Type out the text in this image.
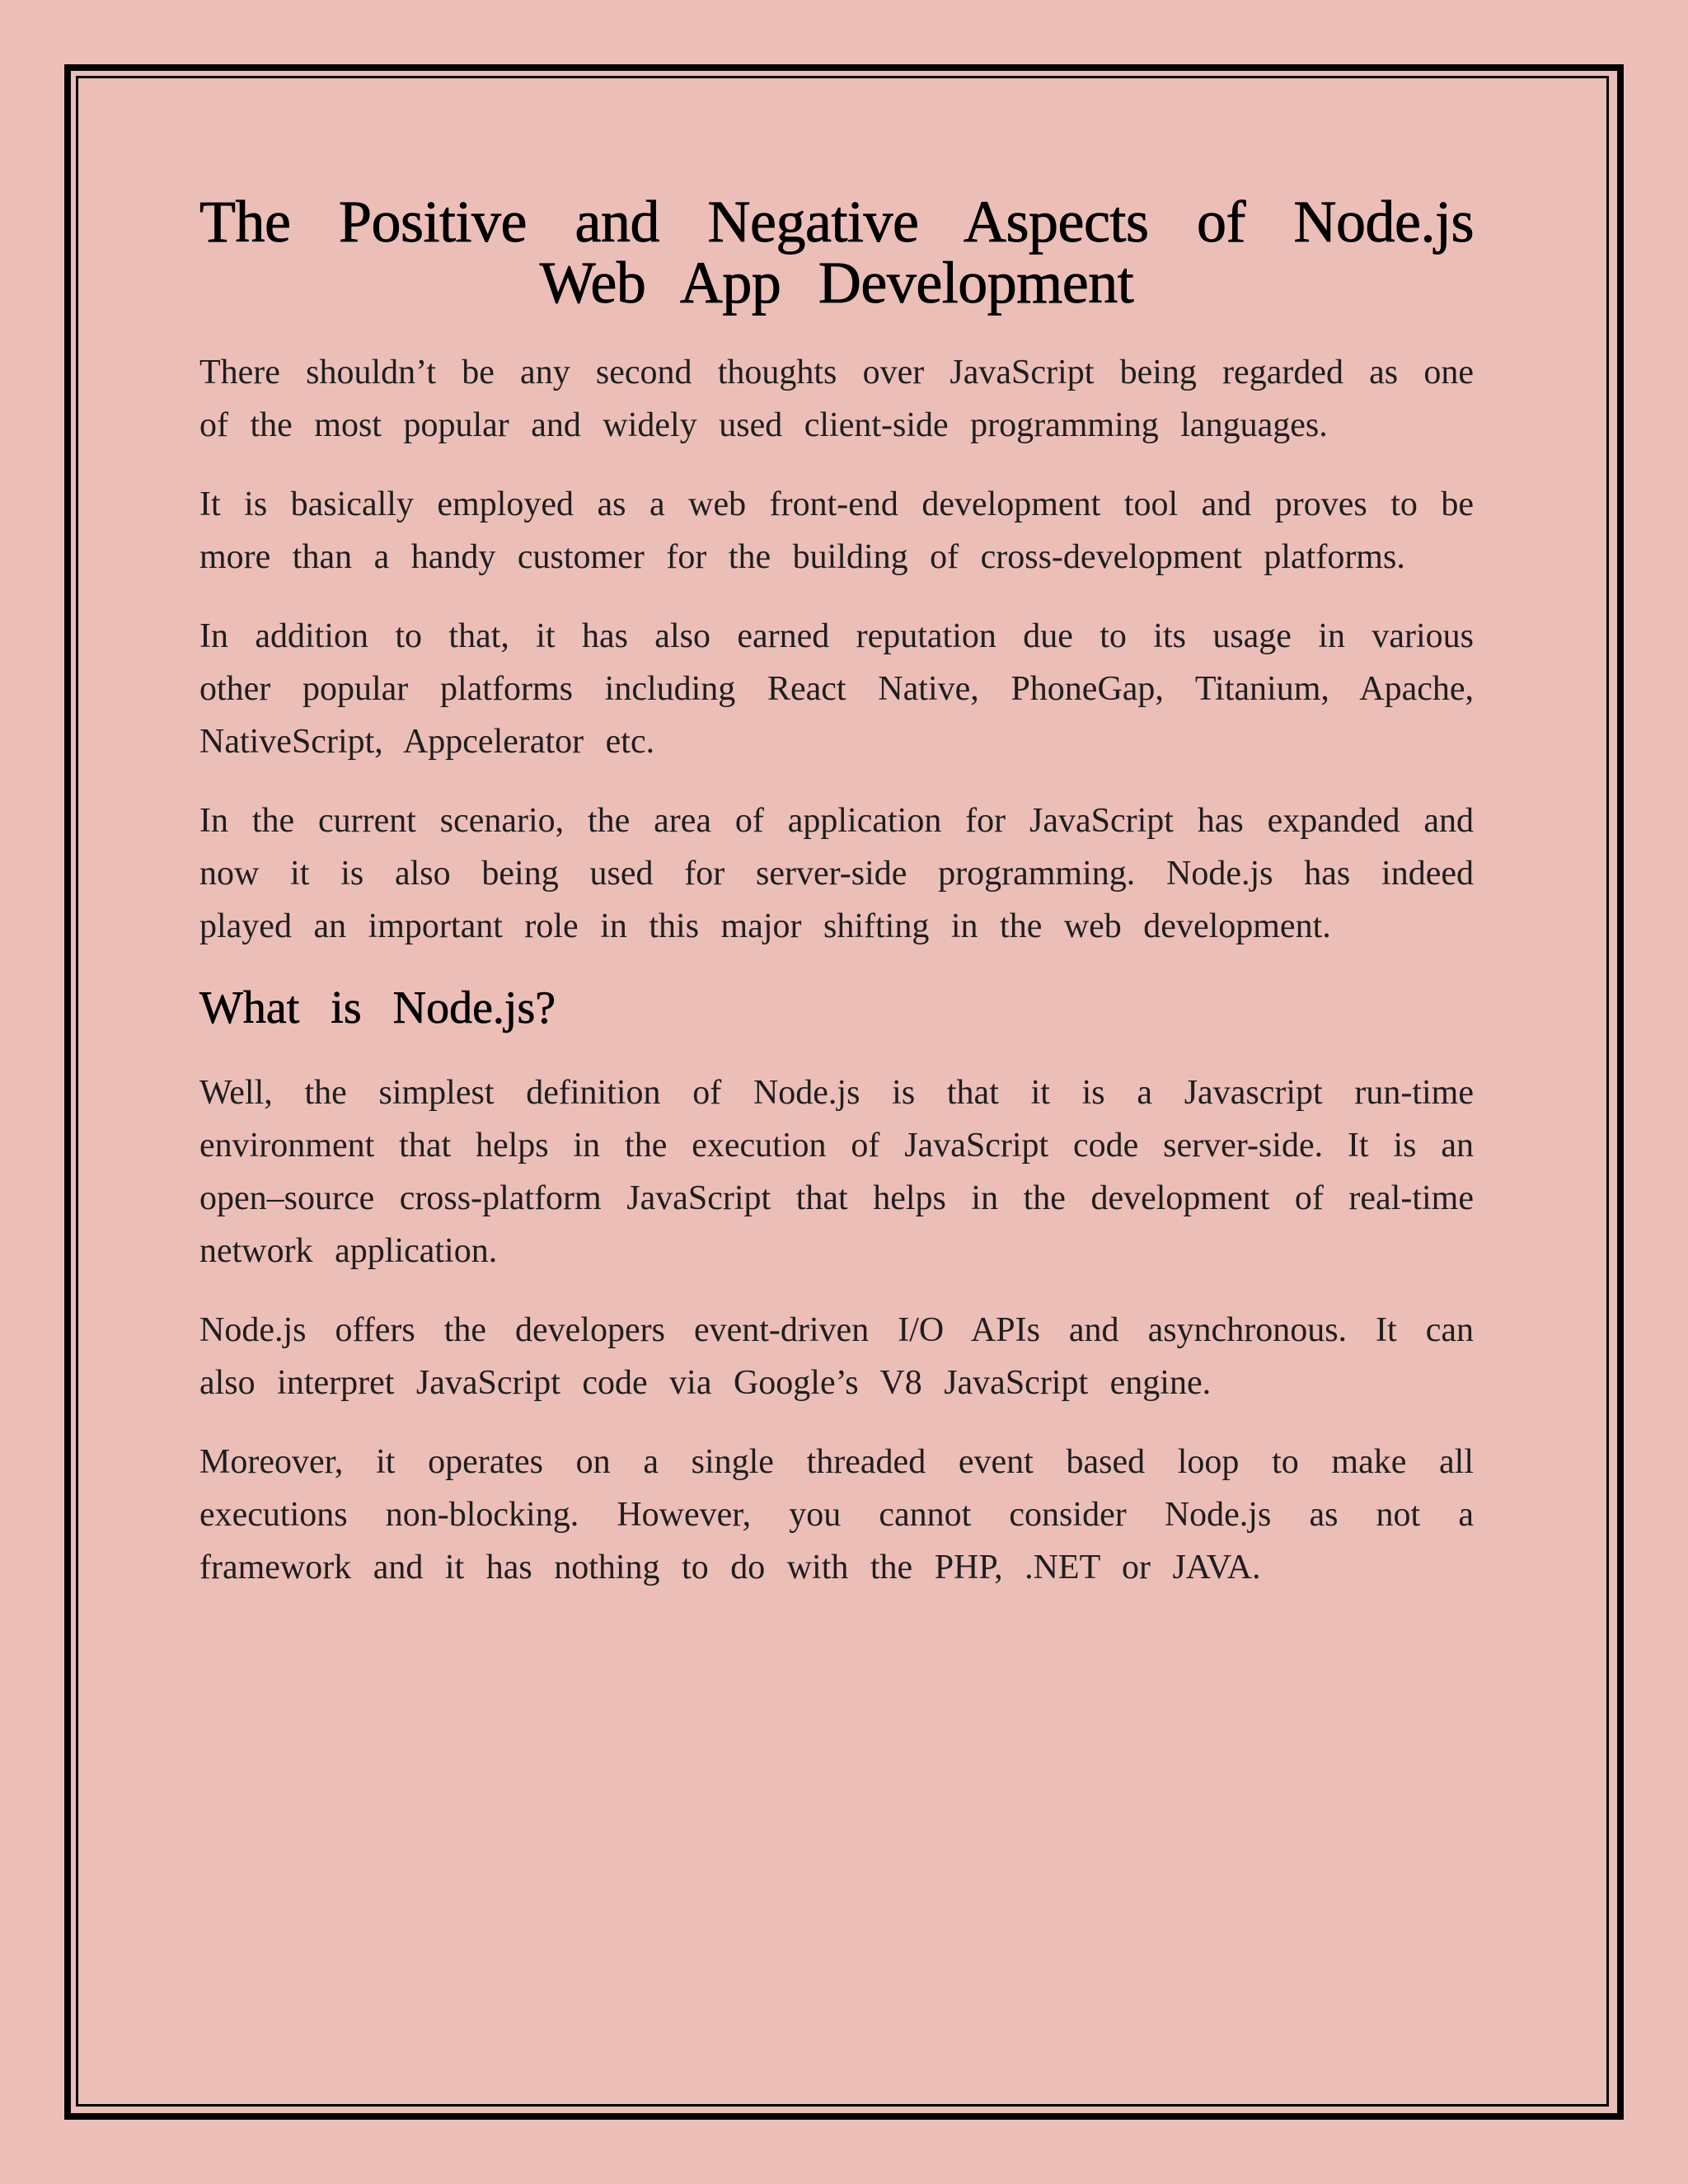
The Positive and Negative Aspects of Node.js Web App Development

There shouldn’t be any second thoughts over JavaScript being regarded as one of the most popular and widely used client-side programming languages.

It is basically employed as a web front-end development tool and proves to be more than a handy customer for the building of cross-development platforms.

In addition to that, it has also earned reputation due to its usage in various other popular platforms including React Native, PhoneGap, Titanium, Apache, NativeScript, Appcelerator etc.

In the current scenario, the area of application for JavaScript has expanded and now it is also being used for server-side programming. Node.js has indeed played an important role in this major shifting in the web development.

What is Node.js?

Well, the simplest definition of Node.js is that it is a Javascript run-time environment that helps in the execution of JavaScript code server-side. It is an open–source cross-platform JavaScript that helps in the development of real-time network application.

Node.js offers the developers event-driven I/O APIs and asynchronous. It can also interpret JavaScript code via Google’s V8 JavaScript engine.

Moreover, it operates on a single threaded event based loop to make all executions non-blocking. However, you cannot consider Node.js as not a framework and it has nothing to do with the PHP, .NET or JAVA.
